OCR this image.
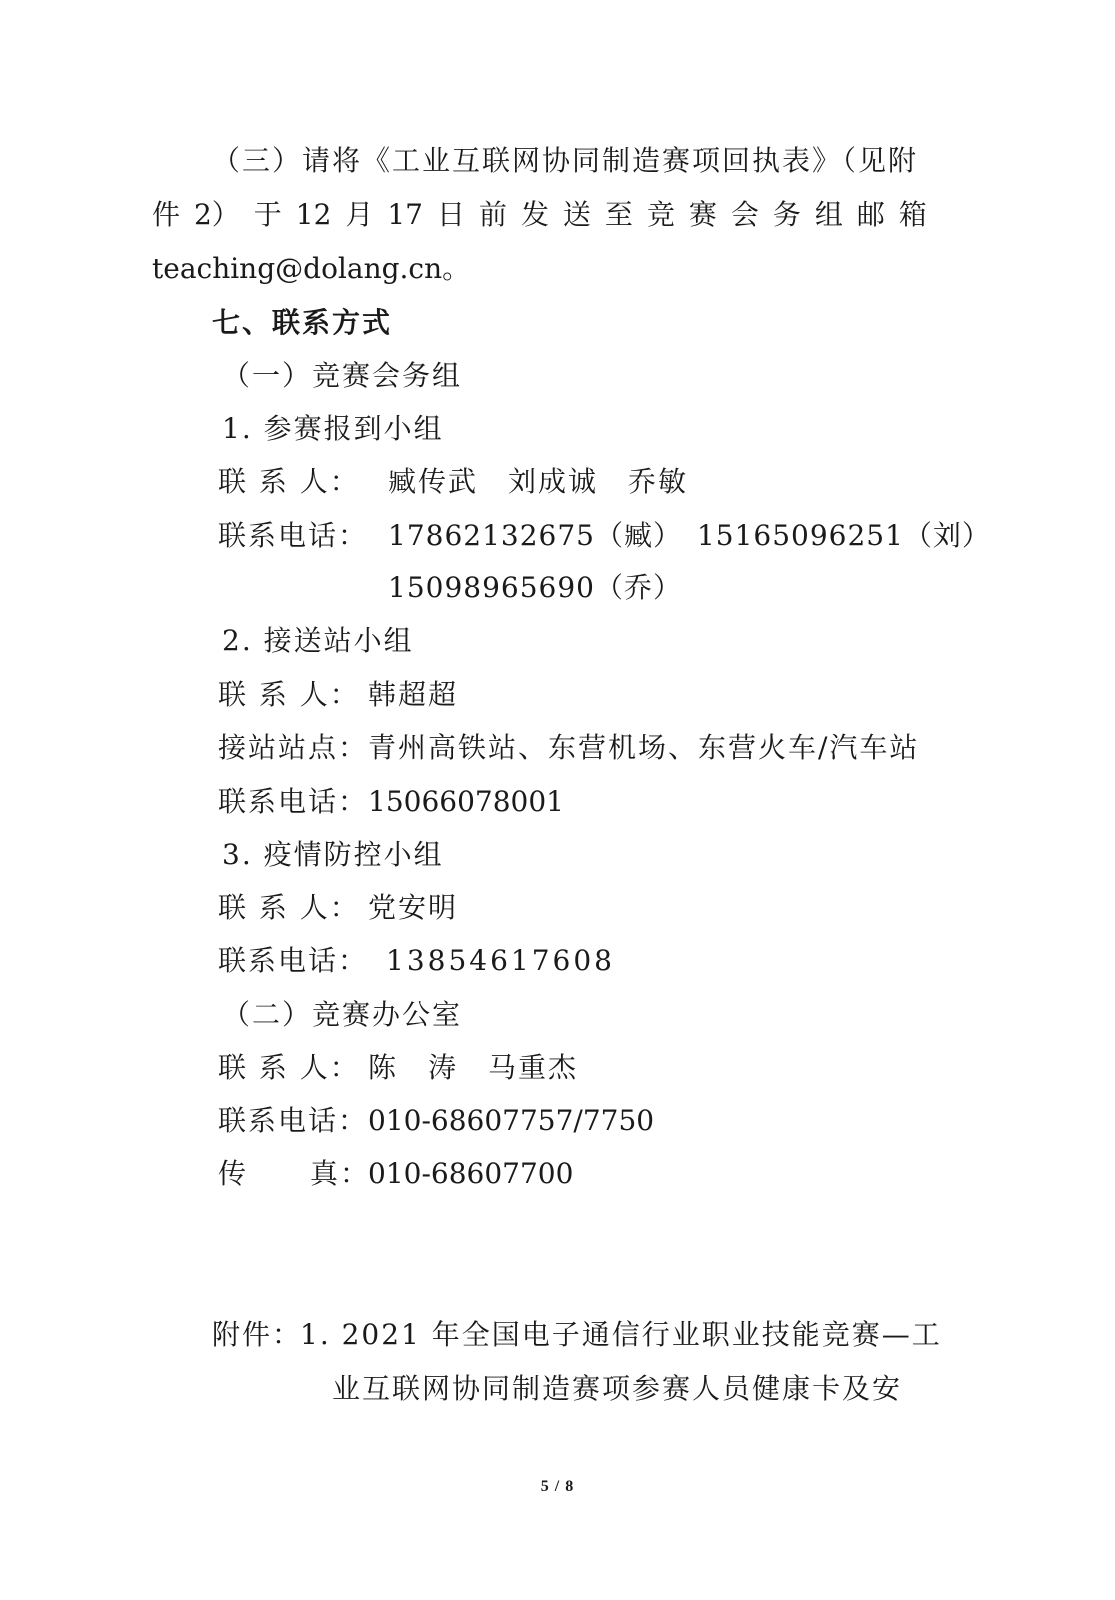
（三）请将《工业互联网协同制造赛项回执表》（见附
件 2） 于 12 月 17 日 前 发 送 至 竞 赛 会 务 组 邮 箱
teaching@dolang.cn。
七、联系方式
（一）竞赛会务组
1. 参赛报到小组
联 系 人： 臧传武　刘成诚　乔敏
联系电话： 17862132675（臧）　15165096251（刘）
15098965690（乔）
2. 接送站小组
联 系 人： 韩超超
接站站点：青州高铁站、东营机场、东营火车/汽车站
联系电话：15066078001
3. 疫情防控小组
联 系 人： 党安明
联系电话： 13854617608
（二）竞赛办公室
联 系 人： 陈　涛　马重杰
联系电话：010-68607757/7750
传 真：010-68607700
附件：1. 2021 年全国电子通信行业职业技能竞赛—工
业互联网协同制造赛项参赛人员健康卡及安
5 / 8
